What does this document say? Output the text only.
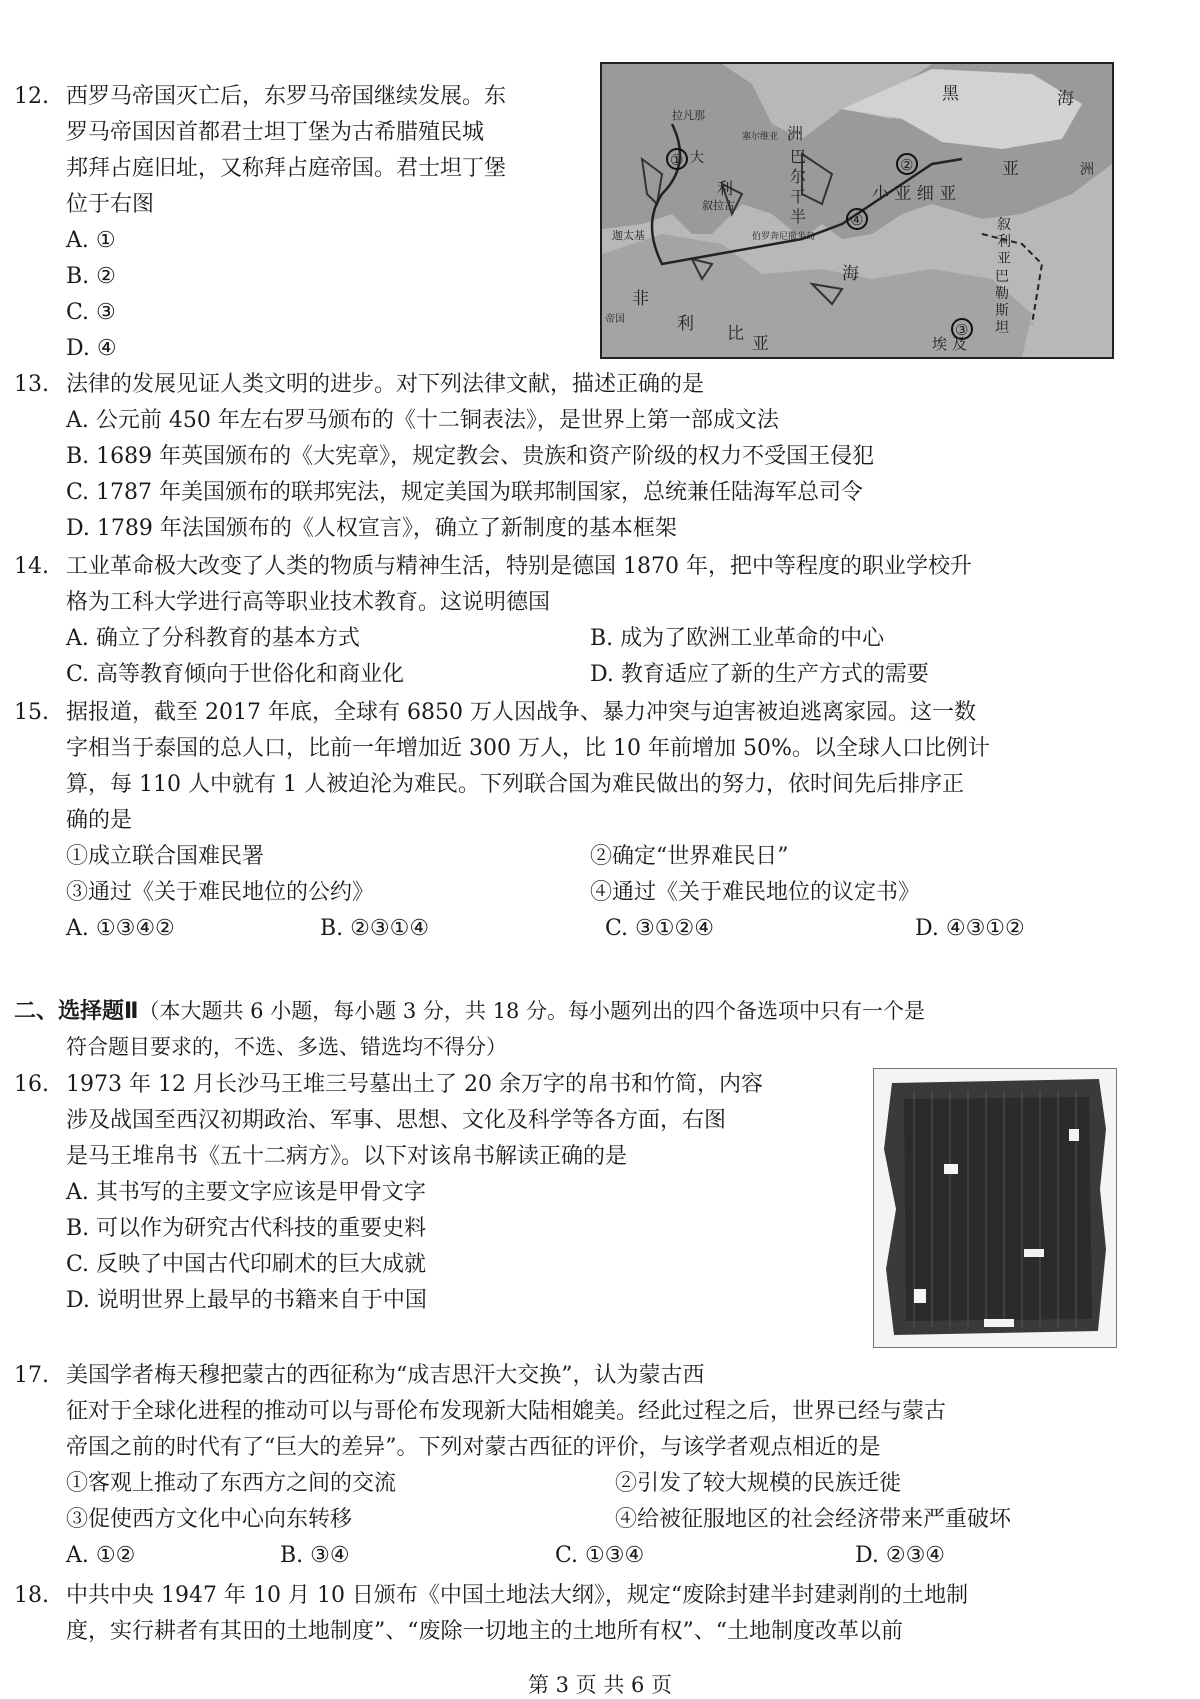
12. 西罗马帝国灭亡后，东罗马帝国继续发展。东
罗马帝国因首都君士坦丁堡为古希腊殖民城
邦拜占庭旧址，又称拜占庭帝国。君士坦丁堡
位于右图
A. ①
B. ②
C. ③
D. ④
①	②
③
④
拉凡那
大
利
迦太基
叙拉古
洲
巴
尔
干
半
黑	海
亚	洲
小 亚 细 亚
叙
利
亚
巴
勒
斯
坦
非
利 比 亚
海
埃 及
帝国
塞尔维亚
伯罗奔尼撒半岛
13. 法律的发展见证人类文明的进步。对下列法律文献，描述正确的是
A. 公元前 450 年左右罗马颁布的《十二铜表法》，是世界上第一部成文法
B. 1689 年英国颁布的《大宪章》，规定教会、贵族和资产阶级的权力不受国王侵犯
C. 1787 年美国颁布的联邦宪法，规定美国为联邦制国家，总统兼任陆海军总司令
D. 1789 年法国颁布的《人权宣言》，确立了新制度的基本框架
14. 工业革命极大改变了人类的物质与精神生活，特别是德国 1870 年，把中等程度的职业学校升
格为工科大学进行高等职业技术教育。这说明德国
A. 确立了分科教育的基本方式	B. 成为了欧洲工业革命的中心
C. 高等教育倾向于世俗化和商业化	D. 教育适应了新的生产方式的需要
15. 据报道，截至 2017 年底，全球有 6850 万人因战争、暴力冲突与迫害被迫逃离家园。这一数
字相当于泰国的总人口，比前一年增加近 300 万人，比 10 年前增加 50%。以全球人口比例计
算，每 110 人中就有 1 人被迫沦为难民。下列联合国为难民做出的努力，依时间先后排序正
确的是
①成立联合国难民署	②确定“世界难民日”
③通过《关于难民地位的公约》	④通过《关于难民地位的议定书》
A. ①③④②	B. ②③①④	C. ③①②④	D. ④③①②
二、选择题Ⅱ（本大题共 6 小题，每小题 3 分，共 18 分。每小题列出的四个备选项中只有一个是
符合题目要求的，不选、多选、错选均不得分）
16. 1973 年 12 月长沙马王堆三号墓出土了 20 余万字的帛书和竹简，内容
涉及战国至西汉初期政治、军事、思想、文化及科学等各方面，右图
是马王堆帛书《五十二病方》。以下对该帛书解读正确的是
A. 其书写的主要文字应该是甲骨文字
B. 可以作为研究古代科技的重要史料
C. 反映了中国古代印刷术的巨大成就
D. 说明世界上最早的书籍来自于中国
17. 美国学者梅天穆把蒙古的西征称为“成吉思汗大交换”，认为蒙古西
征对于全球化进程的推动可以与哥伦布发现新大陆相媲美。经此过程之后，世界已经与蒙古
帝国之前的时代有了“巨大的差异”。下列对蒙古西征的评价，与该学者观点相近的是
①客观上推动了东西方之间的交流	②引发了较大规模的民族迁徙
③促使西方文化中心向东转移	④给被征服地区的社会经济带来严重破坏
A. ①②	B. ③④	C. ①③④	D. ②③④
18. 中共中央 1947 年 10 月 10 日颁布《中国土地法大纲》，规定“废除封建半封建剥削的土地制
度，实行耕者有其田的土地制度”、“废除一切地主的土地所有权”、“土地制度改革以前
第 3 页 共 6 页
